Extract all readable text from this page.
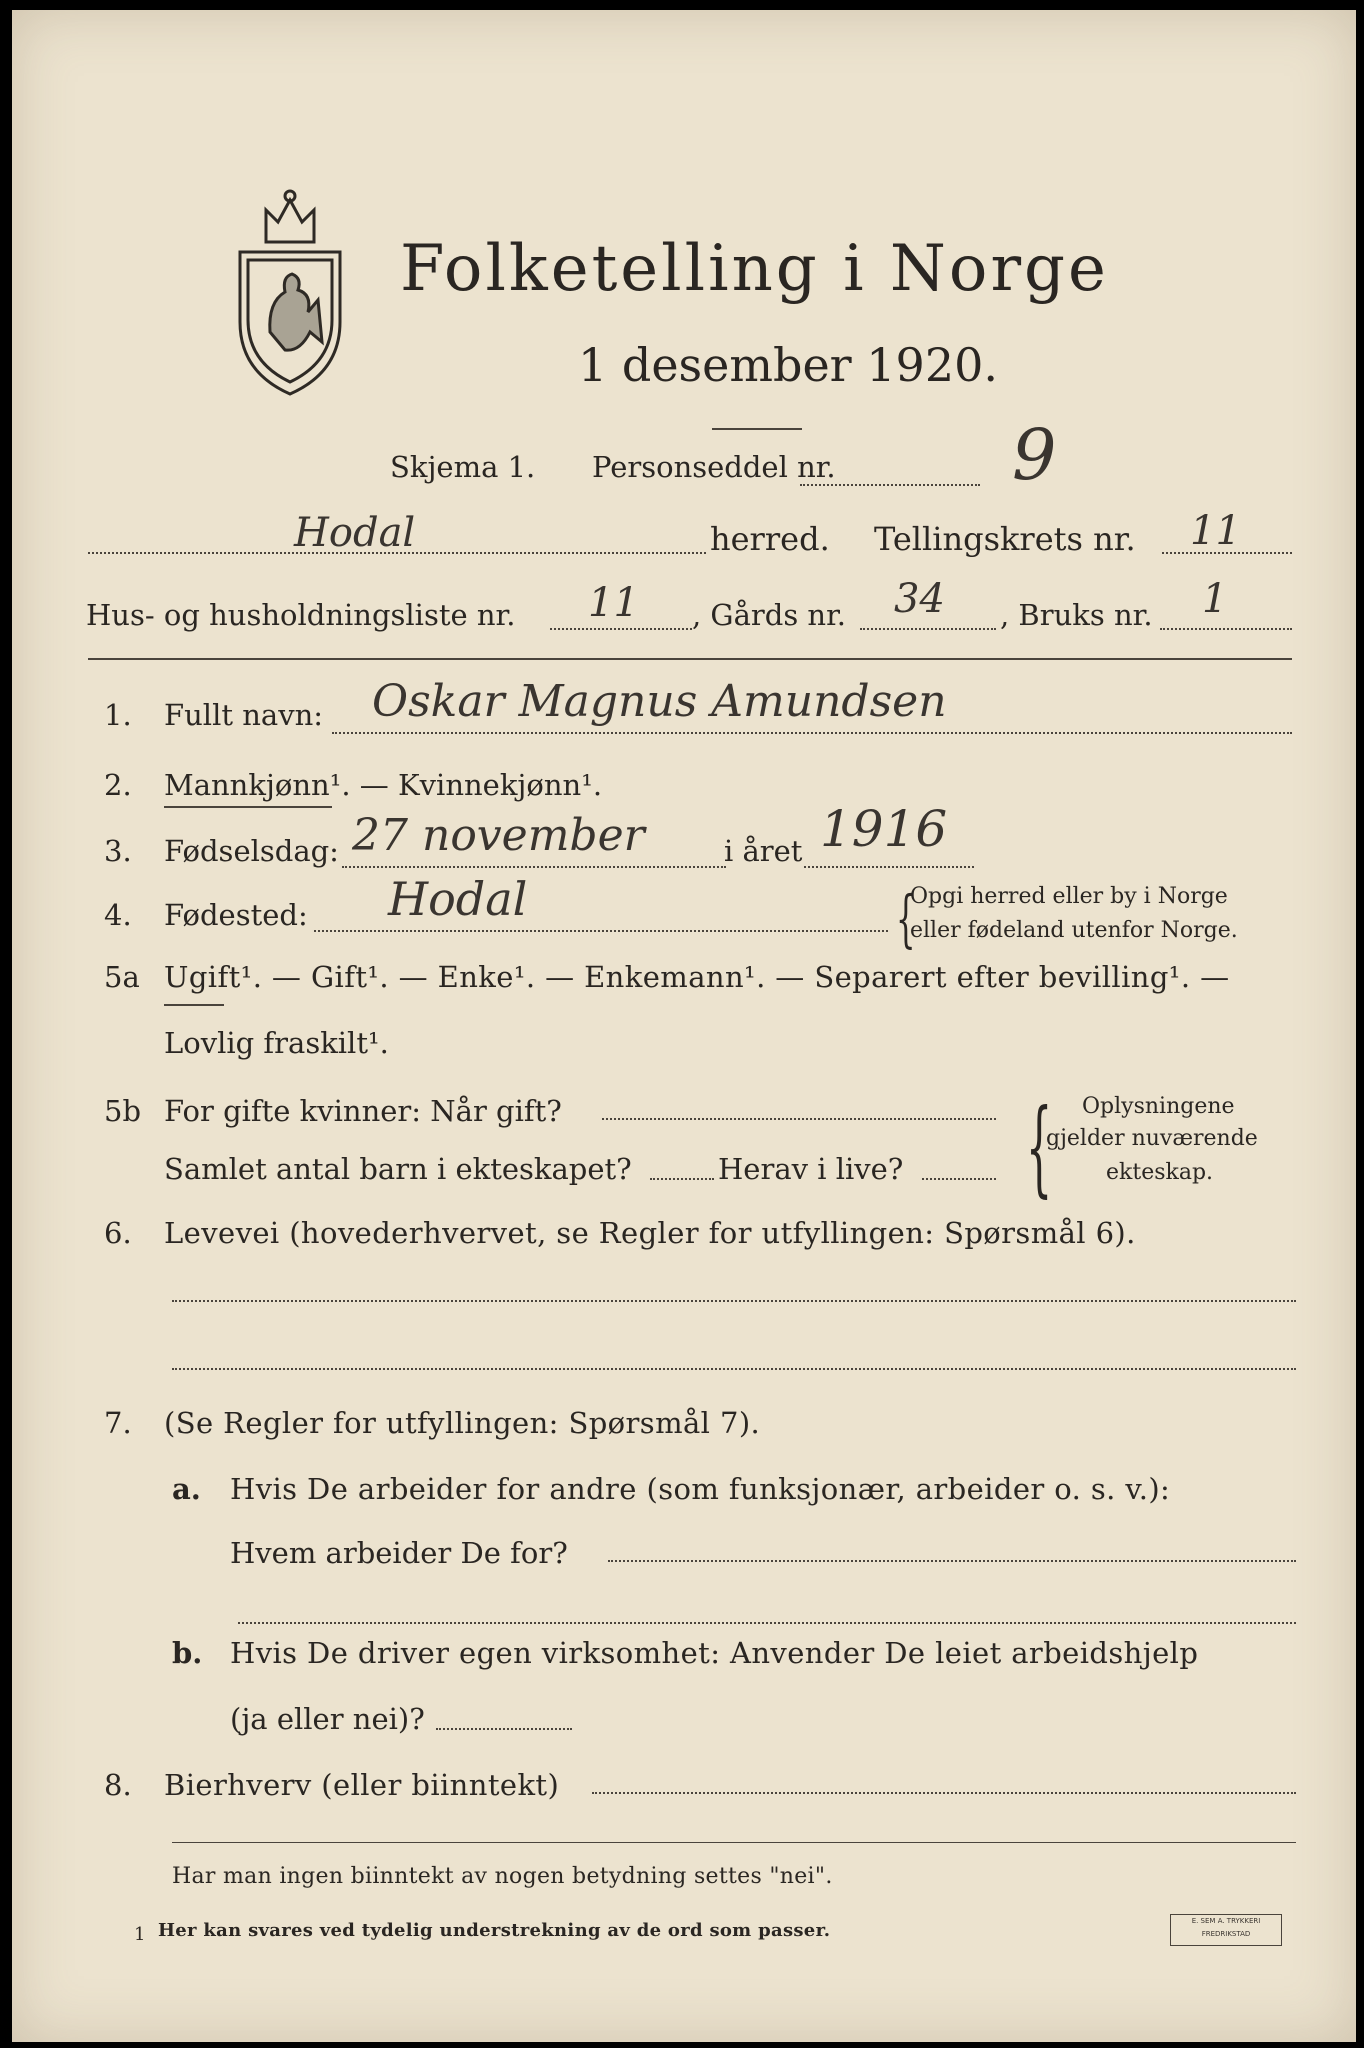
Folketelling i Norge
1 desember 1920.
Skjema 1. Personseddel nr.	9
Hodal	herred. Tellingskrets nr. 11
Hus- og husholdningsliste nr. 11 , Gårds nr. 34 , Bruks nr. 1
1. Fullt navn: Oskar Magnus Amundsen
2. Mannkjønn¹. — Kvinnekjønn¹.
3. Fødselsdag: 27 november	i året 1916
4. Fødested: Hodal	{
Opgi herred eller by i Norge
eller fødeland utenfor Norge.
5a Ugift¹. — Gift¹. — Enke¹. — Enkemann¹. — Separert efter bevilling¹. —
Lovlig fraskilt¹.
5b For gifte kvinner: Når gift?
Samlet antal barn i ekteskapet?	Herav i live? { Oplysningene
gjelder nuværende
ekteskap.
6. Levevei (hovederhvervet, se Regler for utfyllingen: Spørsmål 6).
7. (Se Regler for utfyllingen: Spørsmål 7).
a. Hvis De arbeider for andre (som funksjonær, arbeider o. s. v.):
Hvem arbeider De for?
b. Hvis De driver egen virksomhet: Anvender De leiet arbeidshjelp
(ja eller nei)?
8. Bierhverv (eller biinntekt)
Har man ingen biinntekt av nogen betydning settes "nei".
1 Her kan svares ved tydelig understrekning av de ord som passer.	E. SEM A. TRYKKERI
FREDRIKSTAD
